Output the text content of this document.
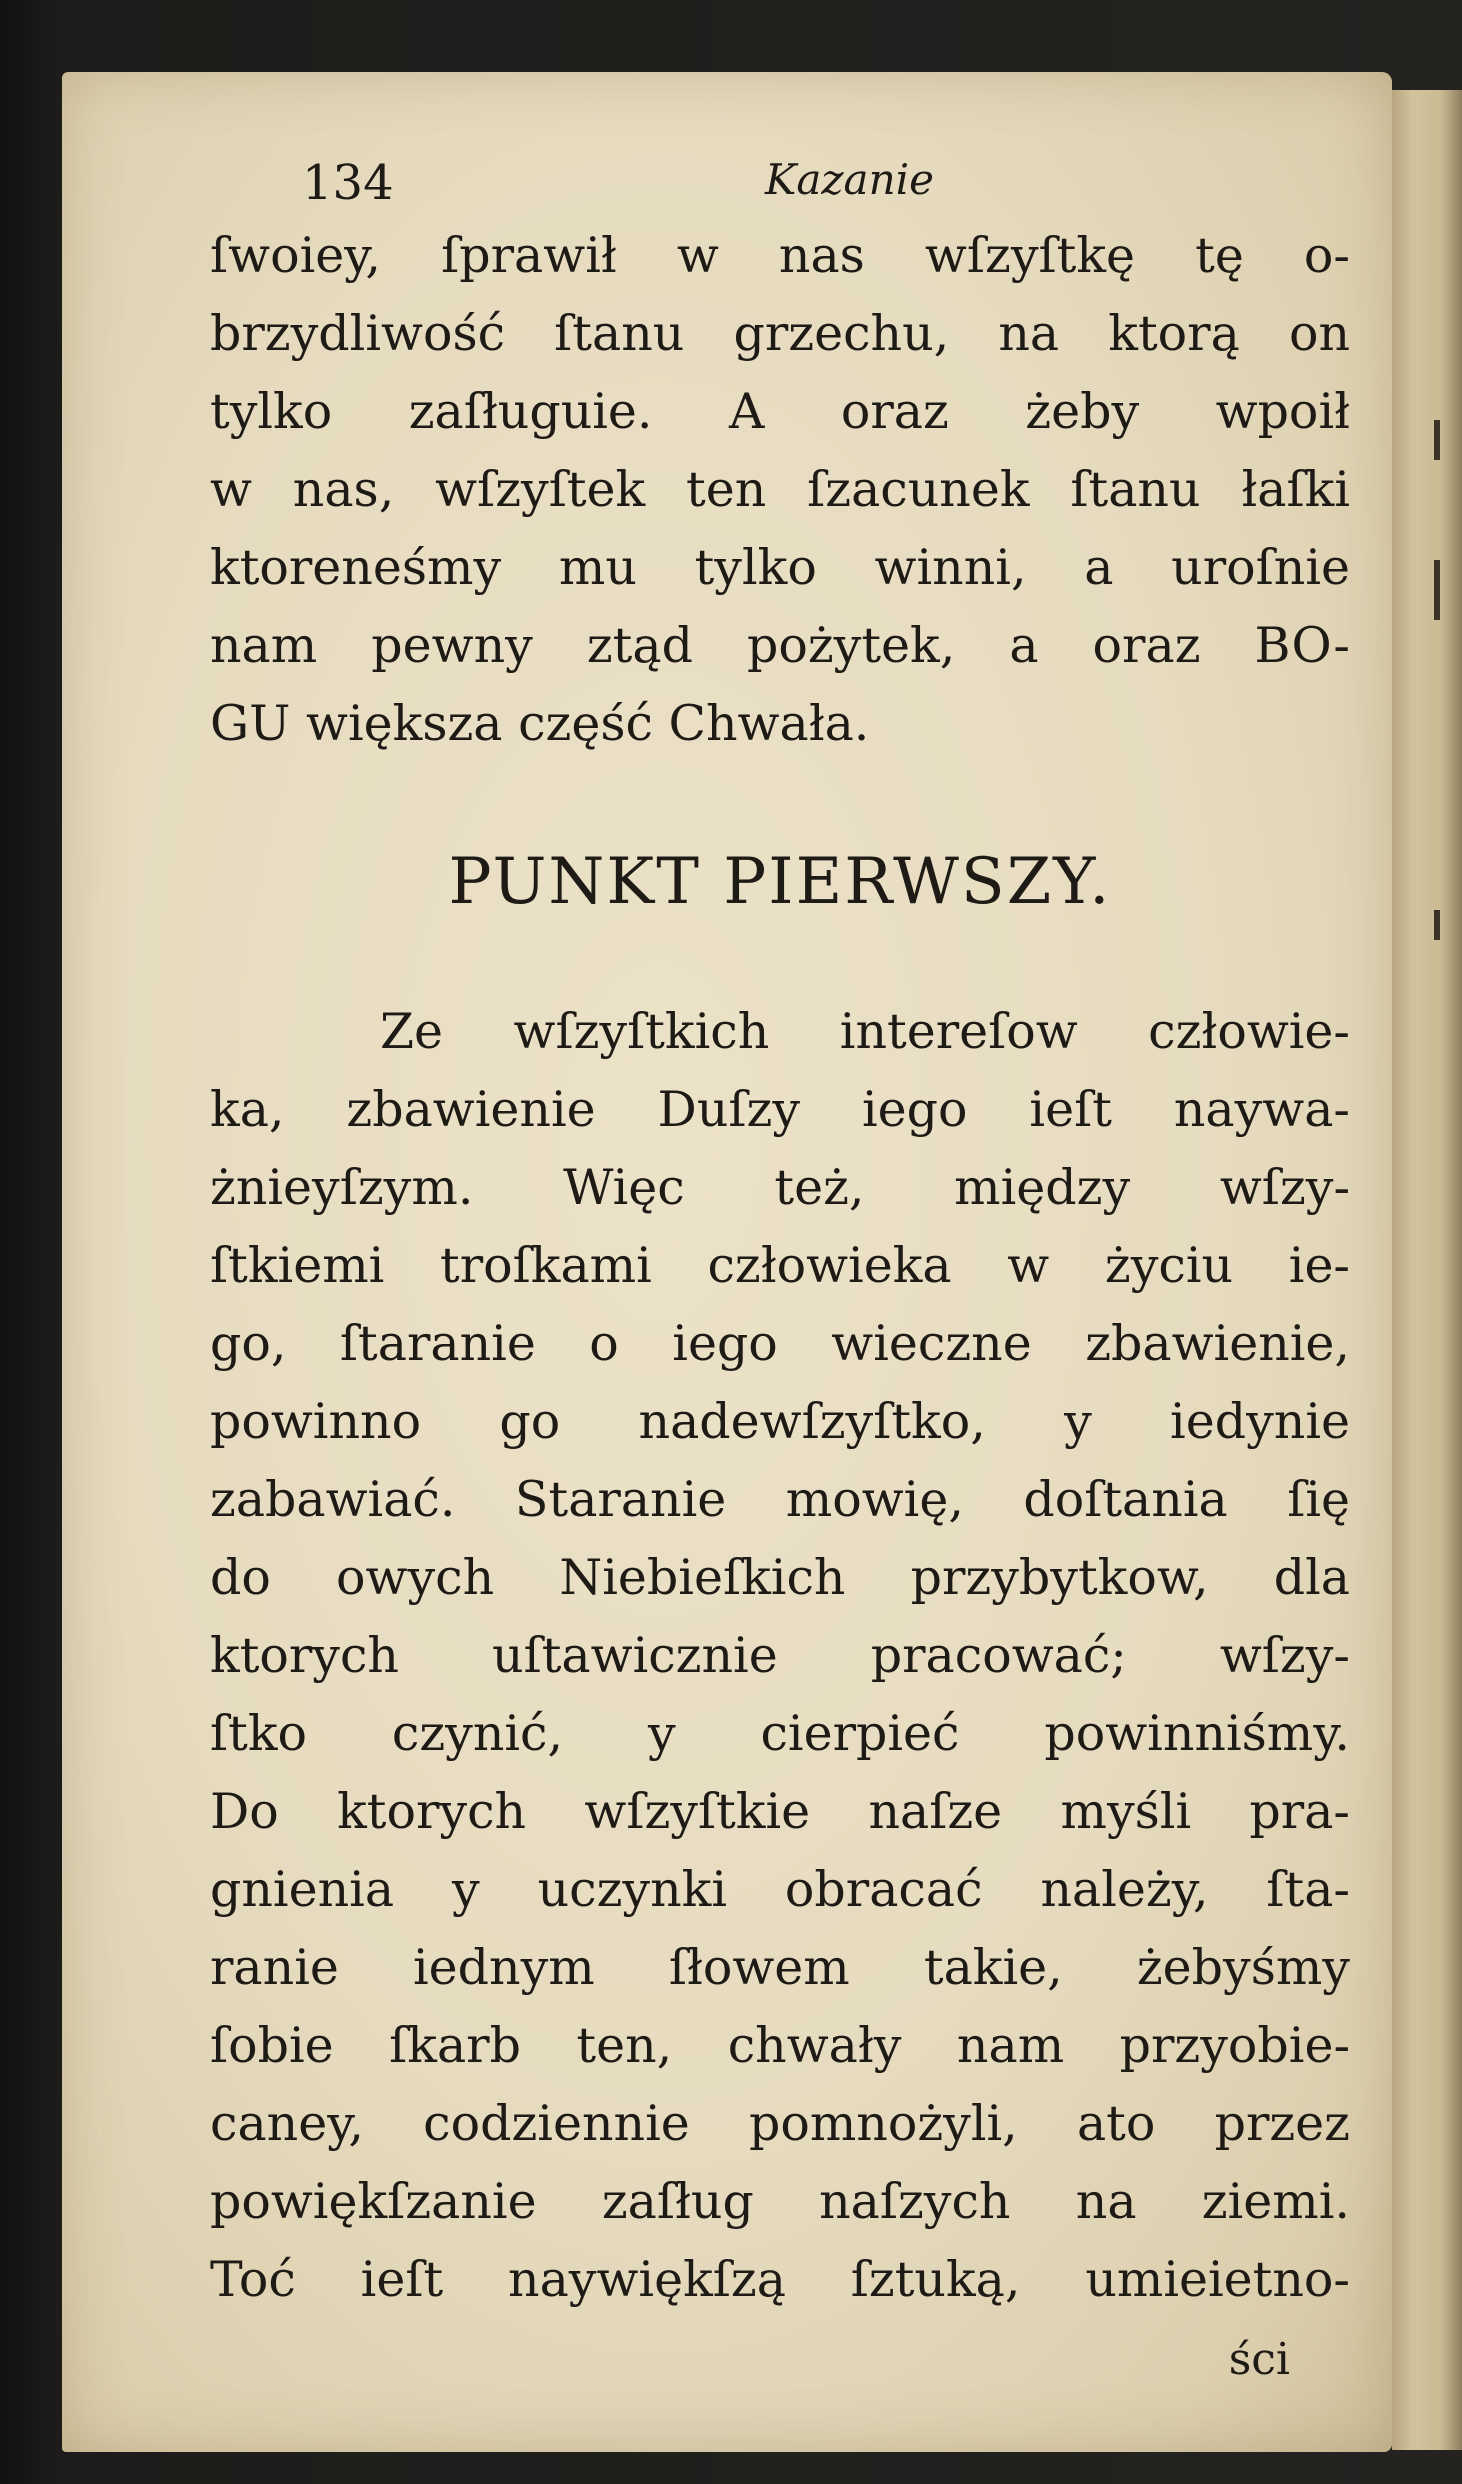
134	Kazanie
ſwoiey, ſprawił w nas wſzyſtkę tę o-
brzydliwość ſtanu grzechu, na ktorą on
tylko zaſługuie. A oraz żeby wpoił
w nas, wſzyſtek ten ſzacunek ſtanu łaſki
ktoreneśmy mu tylko winni, a uroſnie
nam pewny ztąd pożytek, a oraz BO-
GU większa część Chwała.
PUNKT PIERWSZY.
Ze wſzyſtkich intereſow człowie-
ka, zbawienie Duſzy iego ieſt naywa-
żnieyſzym. Więc też, między wſzy-
ſtkiemi troſkami człowieka w życiu ie-
go, ſtaranie o iego wieczne zbawienie,
powinno go nadewſzyſtko, y iedynie
zabawiać. Staranie mowię, doſtania ſię
do owych Niebieſkich przybytkow, dla
ktorych uſtawicznie pracować; wſzy-
ſtko czynić, y cierpieć powinniśmy.
Do ktorych wſzyſtkie naſze myśli pra-
gnienia y uczynki obracać należy, ſta-
ranie iednym ſłowem takie, żebyśmy
ſobie ſkarb ten, chwały nam przyobie-
caney, codziennie pomnożyli, ato przez
powiękſzanie zaſług naſzych na ziemi.
Toć ieſt naywiękſzą ſztuką, umieietno-
ści
